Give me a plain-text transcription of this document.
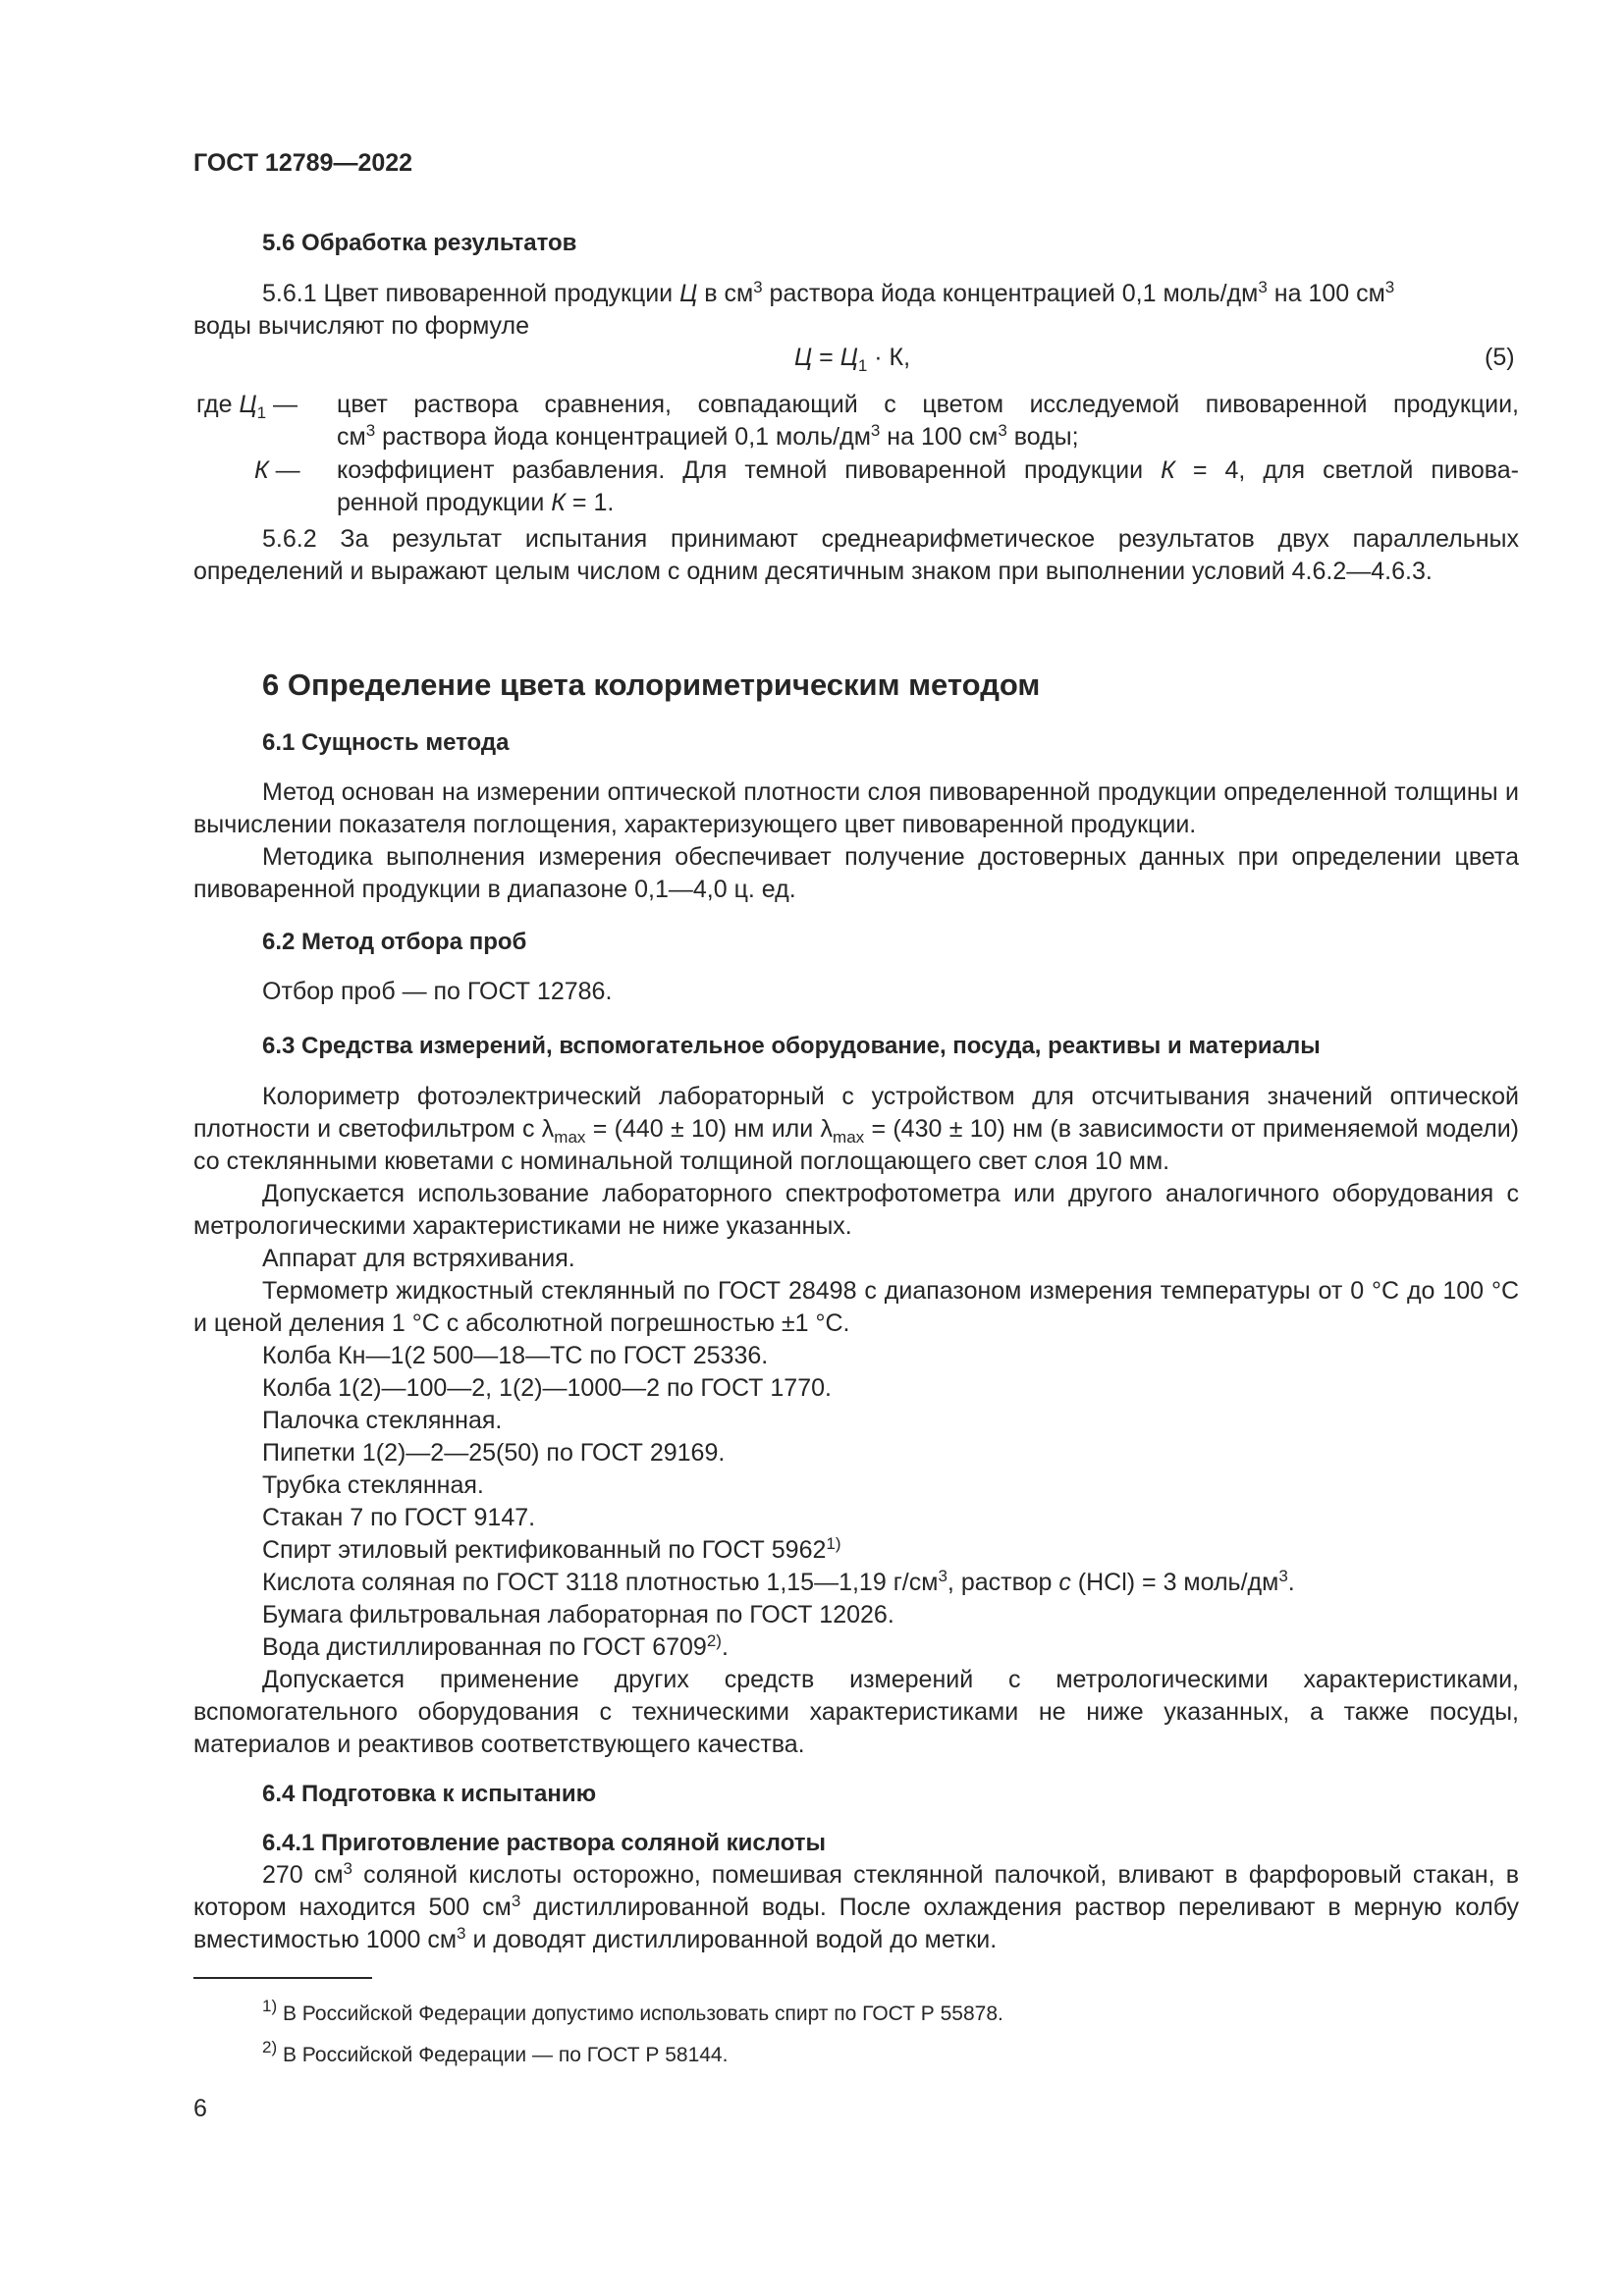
ГОСТ 12789—2022
5.6 Обработка результатов
5.6.1 Цвет пивоваренной продукции Ц в $см^3$ раствора йода концентрацией 0,1 моль/$дм^3$ на 100 $см^3$
воды вычисляют по формуле
$Ц = Ц_1 \cdot К$,	(5)
где $Ц_1$ — цвет раствора сравнения, совпадающий с цветом исследуемой пивоваренной продукции,
$см^3$ раствора йода концентрацией 0,1 моль/$дм^3$ на 100 $см^3$ воды;
К — коэффициент разбавления. Для темной пивоваренной продукции К = 4, для светлой пивова-
ренной продукции К = 1.
5.6.2 За результат испытания принимают среднеарифметическое результатов двух параллельных определений и выражают целым числом с одним десятичным знаком при выполнении условий 4.6.2—4.6.3.
6 Определение цвета колориметрическим методом
6.1 Сущность метода
Метод основан на измерении оптической плотности слоя пивоваренной продукции определенной толщины и вычислении показателя поглощения, характеризующего цвет пивоваренной продукции.
Методика выполнения измерения обеспечивает получение достоверных данных при определении цвета пивоваренной продукции в диапазоне 0,1—4,0 ц. ед.
6.2 Метод отбора проб
Отбор проб — по ГОСТ 12786.
6.3 Средства измерений, вспомогательное оборудование, посуда, реактивы и материалы
Колориметр фотоэлектрический лабораторный с устройством для отсчитывания значений оптической плотности и светофильтром с $\lambda_{max} = (440 \pm 10)$ нм или $\lambda_{max} = (430 \pm 10)$ нм (в зависимости от применяемой модели) со стеклянными кюветами с номинальной толщиной поглощающего свет слоя 10 мм.
Допускается использование лабораторного спектрофотометра или другого аналогичного оборудования с метрологическими характеристиками не ниже указанных.
Аппарат для встряхивания.
Термометр жидкостный стеклянный по ГОСТ 28498 с диапазоном измерения температуры от 0 °С до 100 °С и ценой деления 1 °С с абсолютной погрешностью ±1 °С.
Колба Кн—1(2 500—18—ТС по ГОСТ 25336.
Колба 1(2)—100—2, 1(2)—1000—2 по ГОСТ 1770.
Палочка стеклянная.
Пипетки 1(2)—2—25(50) по ГОСТ 29169.
Трубка стеклянная.
Стакан 7 по ГОСТ 9147.
Спирт этиловый ректификованный по ГОСТ 5962$^{1)}$
Кислота соляная по ГОСТ 3118 плотностью 1,15—1,19 $г/см^3$, раствор с (HCl) = 3 моль/$дм^3$.
Бумага фильтровальная лабораторная по ГОСТ 12026.
Вода дистиллированная по ГОСТ 6709$^{2)}$.
Допускается применение других средств измерений с метрологическими характеристиками, вспомогательного оборудования с техническими характеристиками не ниже указанных, а также посуды, материалов и реактивов соответствующего качества.
6.4 Подготовка к испытанию
6.4.1 Приготовление раствора соляной кислоты
270 $см^3$ соляной кислоты осторожно, помешивая стеклянной палочкой, вливают в фарфоровый стакан, в котором находится 500 $см^3$ дистиллированной воды. После охлаждения раствор переливают в мерную колбу вместимостью 1000 $см^3$ и доводят дистиллированной водой до метки.
$^{1)}$ В Российской Федерации допустимо использовать спирт по ГОСТ Р 55878.
$^{2)}$ В Российской Федерации — по ГОСТ Р 58144.
6
